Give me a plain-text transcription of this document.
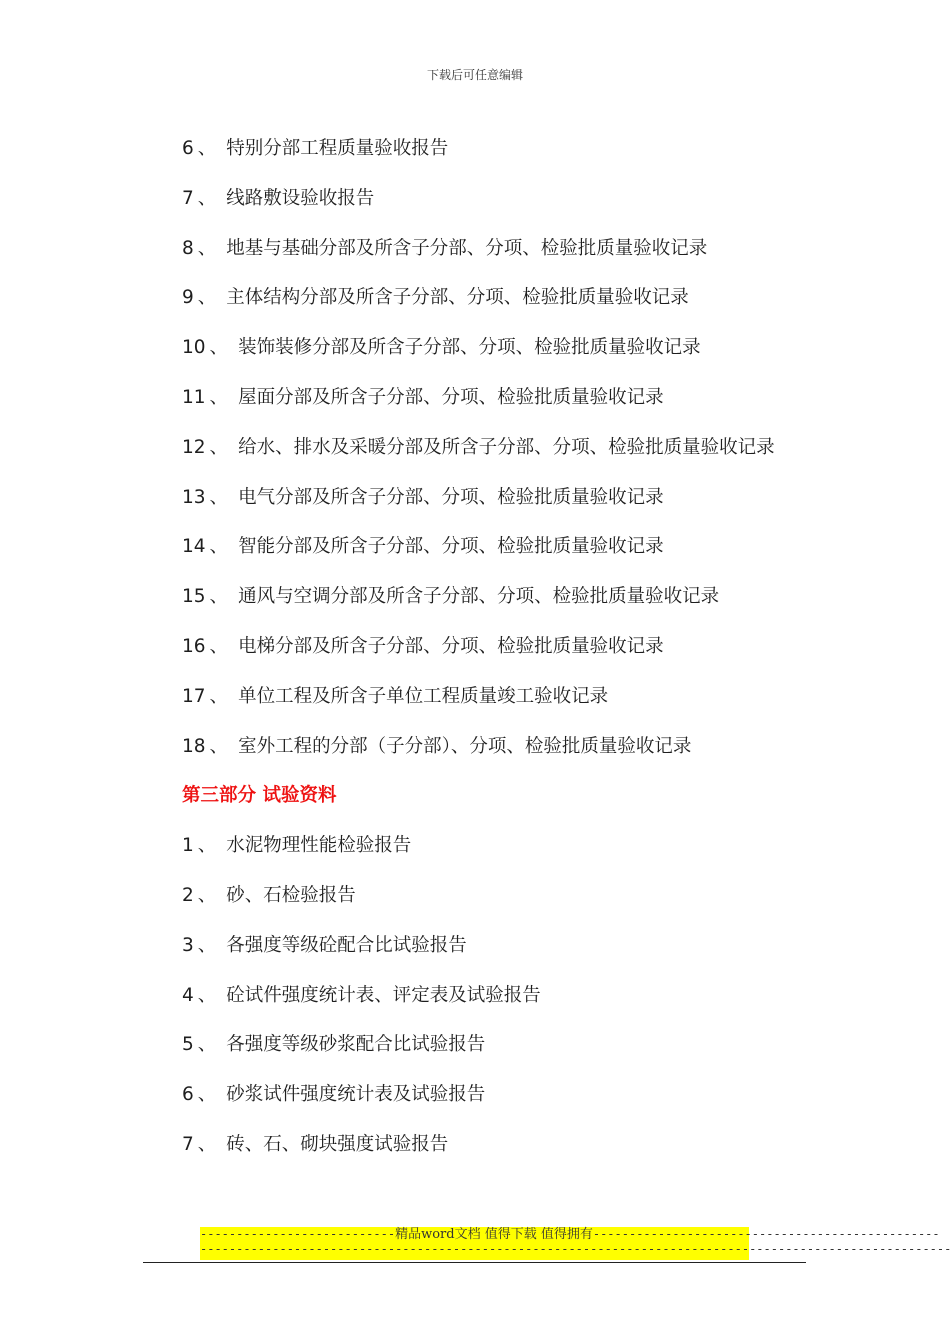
下载后可任意编辑
6 、 特别分部工程质量验收报告
7 、 线路敷设验收报告
8 、 地基与基础分部及所含子分部、分项、检验批质量验收记录
9 、 主体结构分部及所含子分部、分项、检验批质量验收记录
10 、 装饰装修分部及所含子分部、分项、检验批质量验收记录
11 、 屋面分部及所含子分部、分项、检验批质量验收记录
12 、 给水、排水及采暖分部及所含子分部、分项、检验批质量验收记录
13 、 电气分部及所含子分部、分项、检验批质量验收记录
14 、 智能分部及所含子分部、分项、检验批质量验收记录
15 、 通风与空调分部及所含子分部、分项、检验批质量验收记录
16 、 电梯分部及所含子分部、分项、检验批质量验收记录
17 、 单位工程及所含子单位工程质量竣工验收记录
18 、 室外工程的分部（子分部）、分项、检验批质量验收记录
第三部分 试验资料
1 、 水泥物理性能检验报告
2 、 砂、石检验报告
3 、 各强度等级砼配合比试验报告
4 、 砼试件强度统计表、评定表及试验报告
5 、 各强度等级砂浆配合比试验报告
6 、 砂浆试件强度统计表及试验报告
7 、 砖、石、砌块强度试验报告
---------------------------精品word文档 值得下载 值得拥有------------------------------------------------
--------------------------------------------------------------------------------------------------------
